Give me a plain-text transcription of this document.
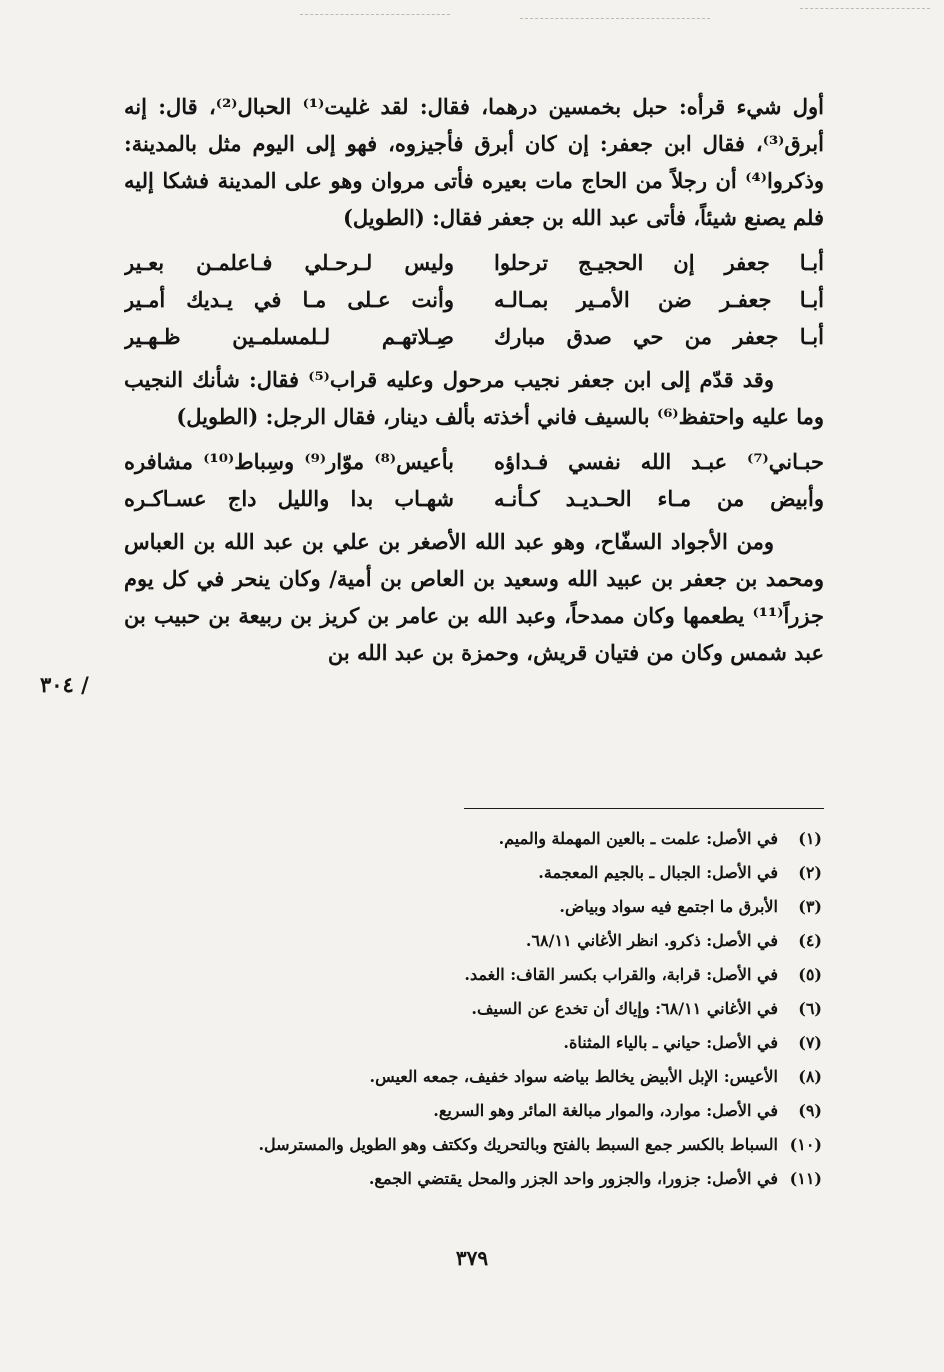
أول شيء قرأه: حبل بخمسين درهما، فقال: لقد غليت⁽¹⁾ الحبال⁽²⁾، قال: إنه أبرق⁽³⁾، فقال ابن جعفر: إن كان أبرق فأجيزوه، فهو إلى اليوم مثل بالمدينة: وذكروا⁽⁴⁾ أن رجلاً من الحاج مات بعيره فأتى مروان وهو على المدينة فشكا إليه فلم يصنع شيئاً، فأتى عبد الله بن جعفر فقال: (الطويل)

أبـا جعفر إن الحجيـج ترحلوا
وليس لـرحـلي فـاعلمـن بعـير
أبـا جعفـر ضن الأمـير بمـالـه
وأنت عـلى مـا في يـديك أمـير
أبـا جعفر من حي صدق مبارك
صِـلاتهـم لـلمسلمـين ظـهـير

وقد قدّم إلى ابن جعفر نجيب مرحول وعليه قراب⁽⁵⁾ فقال: شأنك النجيب وما عليه واحتفظ⁽⁶⁾ بالسيف فاني أخذته بألف دينار، فقال الرجل: (الطويل)

حبـاني⁽⁷⁾ عبـد الله نفسي فـداؤه
بأعيس⁽⁸⁾ موّار⁽⁹⁾ وسِباط⁽¹⁰⁾ مشافره
وأبيض من مـاء الحـديـد كـأنـه
شهـاب بدا والليل داج عسـاكـره

ومن الأجواد السفّاح، وهو عبد الله الأصغر بن علي بن عبد الله بن العباس ومحمد بن جعفر بن عبيد الله وسعيد بن العاص بن أمية/ وكان ينحر في كل يوم جزراً⁽¹¹⁾ يطعمها وكان ممدحاً، وعبد الله بن عامر بن كريز بن ربيعة بن حبيب بن عبد شمس وكان من فتيان قريش، وحمزة بن عبد الله بن

/ ٣٠٤
(١)
في الأصل: علمت ـ بالعين المهملة والميم.
(٢)
في الأصل: الجبال ـ بالجيم المعجمة.
(٣)
الأبرق ما اجتمع فيه سواد وبياض.
(٤)
في الأصل: ذكرو. انظر الأغاني ٦٨/١١.
(٥)
في الأصل: قرابة، والقراب بكسر القاف: الغمد.
(٦)
في الأغاني ٦٨/١١: وإياك أن تخدع عن السيف.
(٧)
في الأصل: حياني ـ بالياء المثناة.
(٨)
الأعيس: الإبل الأبيض يخالط بياضه سواد خفيف، جمعه العيس.
(٩)
في الأصل: موارد، والموار مبالغة المائر وهو السريع.
(١٠)
السباط بالكسر جمع السبط بالفتح وبالتحريك وككتف وهو الطويل والمسترسل.
(١١)
في الأصل: جزورا، والجزور واحد الجزر والمحل يقتضي الجمع.
٣٧٩
